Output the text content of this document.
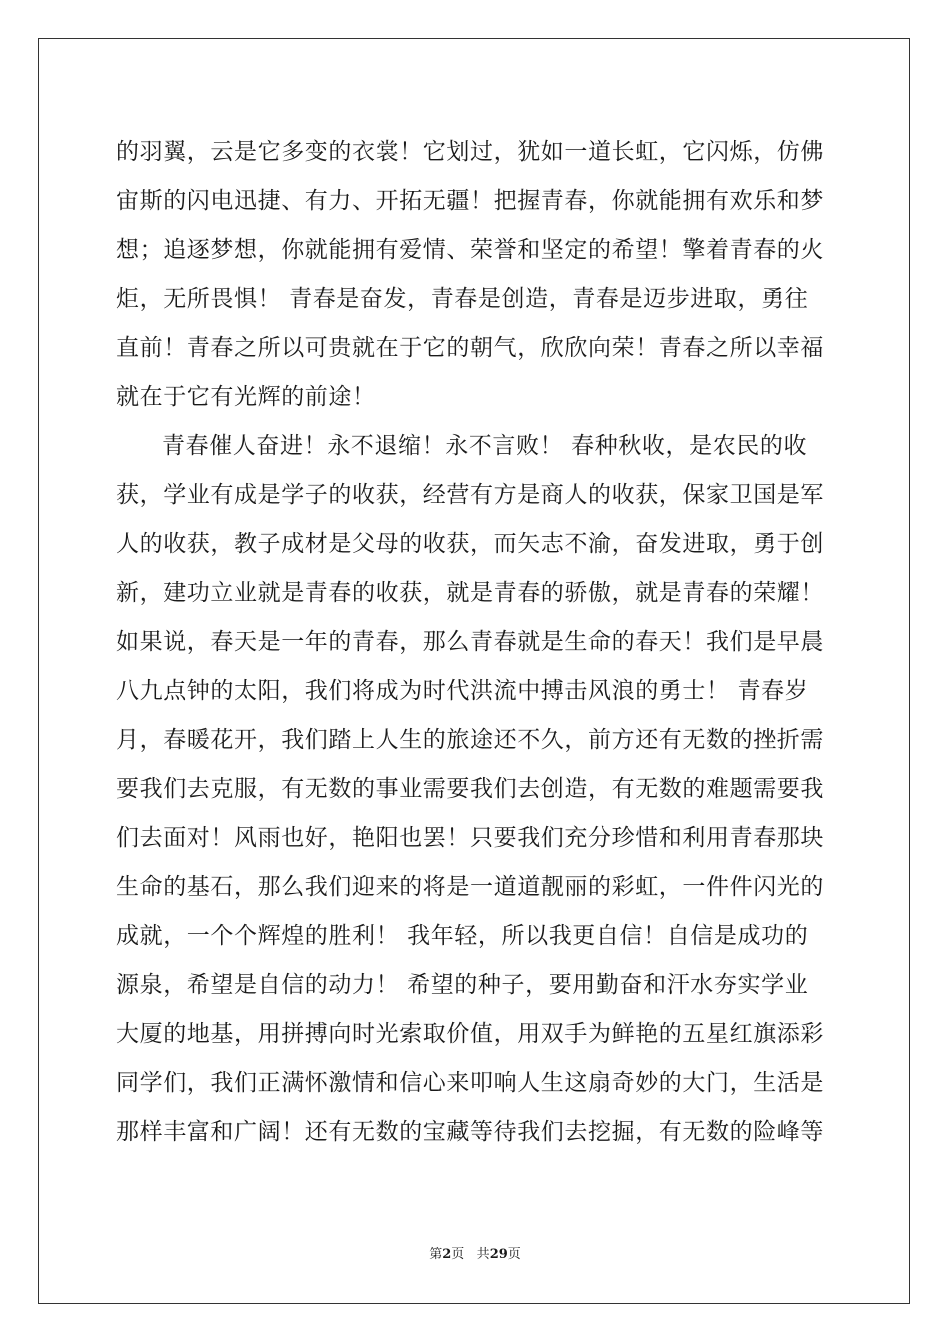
的羽翼，云是它多变的衣裳！它划过，犹如一道长虹，它闪烁，仿佛
宙斯的闪电迅捷、有力、开拓无疆！把握青春，你就能拥有欢乐和梦
想；追逐梦想，你就能拥有爱情、荣誉和坚定的希望！擎着青春的火
炬，无所畏惧！ 青春是奋发，青春是创造，青春是迈步进取，勇往
直前！青春之所以可贵就在于它的朝气，欣欣向荣！青春之所以幸福
就在于它有光辉的前途！
青春催人奋进！永不退缩！永不言败！ 春种秋收，是农民的收
获，学业有成是学子的收获，经营有方是商人的收获，保家卫国是军
人的收获，教子成材是父母的收获，而矢志不渝，奋发进取，勇于创
新，建功立业就是青春的收获，就是青春的骄傲，就是青春的荣耀！
如果说，春天是一年的青春，那么青春就是生命的春天！我们是早晨
八九点钟的太阳，我们将成为时代洪流中搏击风浪的勇士！ 青春岁
月，春暖花开，我们踏上人生的旅途还不久，前方还有无数的挫折需
要我们去克服，有无数的事业需要我们去创造，有无数的难题需要我
们去面对！风雨也好，艳阳也罢！只要我们充分珍惜和利用青春那块
生命的基石，那么我们迎来的将是一道道靓丽的彩虹，一件件闪光的
成就，一个个辉煌的胜利！ 我年轻，所以我更自信！自信是成功的
源泉，希望是自信的动力！ 希望的种子，要用勤奋和汗水夯实学业
大厦的地基，用拼搏向时光索取价值，用双手为鲜艳的五星红旗添彩
同学们，我们正满怀激情和信心来叩响人生这扇奇妙的大门，生活是
那样丰富和广阔！还有无数的宝藏等待我们去挖掘，有无数的险峰等
第2页 共29页
